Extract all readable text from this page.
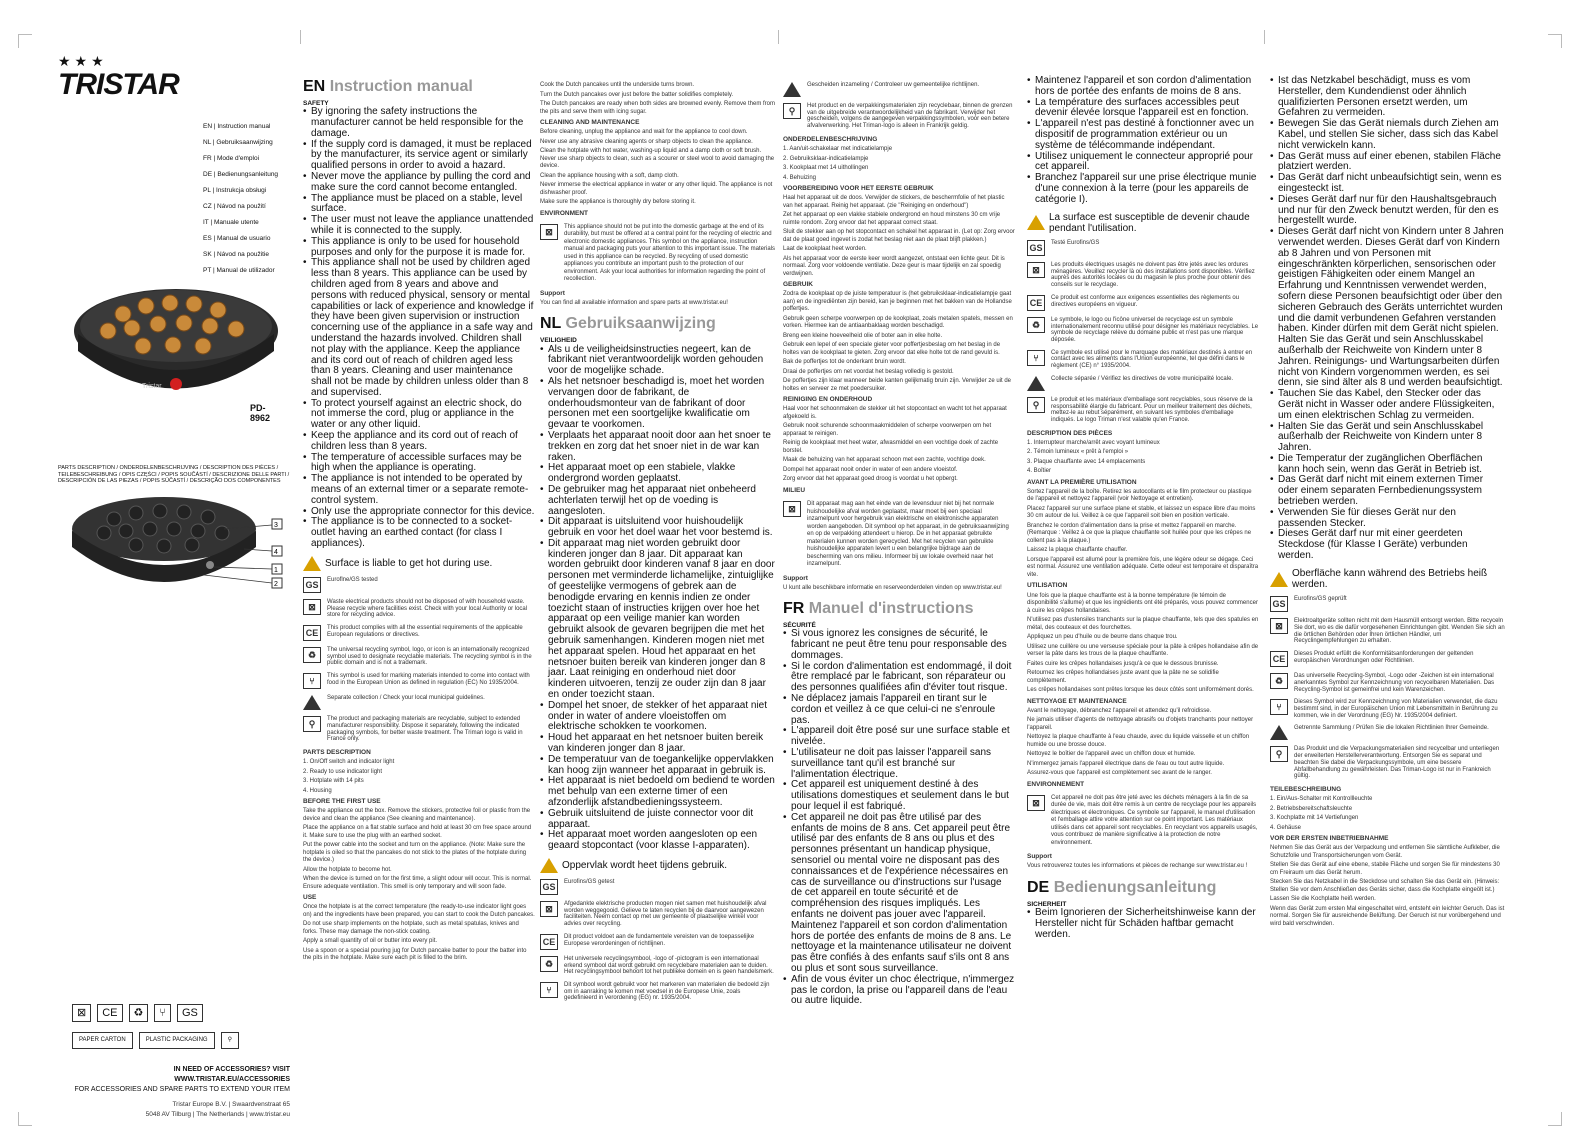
★★★
TRISTAR
EN | Instruction manual
NL | Gebruiksaanwijzing
FR | Mode d'emploi
DE | Bedienungsanleitung
PL | Instrukcja obsługi
CZ | Návod na použití
IT | Manuale utente
ES | Manual de usuario
SK | Návod na použitie
PT | Manual de utilizador
Tristar
PD-8962
PARTS DESCRIPTION / ONDERDELENBESCHRIJVING / DESCRIPTION DES PIÈCES / TEILEBESCHREIBUNG / OPIS CZĘŚCI / POPIS SOUČÁSTÍ / DESCRIZIONE DELLE PARTI / DESCRIPCIÓN DE LAS PIEZAS / POPIS SÚČASTÍ / DESCRIÇÃO DOS COMPONENTES
3
4
1
2
⊠	CE	♻	⑂	GS
PAPER CARTON	PLASTIC PACKAGING	⚲
IN NEED OF ACCESSORIES? VISIT
WWW.TRISTAR.EU/ACCESSORIES
FOR ACCESSORIES AND SPARE PARTS TO EXTEND YOUR ITEM
Tristar Europe B.V. | Swaardvenstraat 65
5048 AV Tilburg | The Netherlands | www.tristar.eu
EN Instruction manual
SAFETY
• By ignoring the safety instructions the manufacturer cannot be held responsible for the damage.
• If the supply cord is damaged, it must be replaced by the manufacturer, its service agent or similarly qualified persons in order to avoid a hazard.
• Never move the appliance by pulling the cord and make sure the cord cannot become entangled.
• The appliance must be placed on a stable, level surface.
• The user must not leave the appliance unattended while it is connected to the supply.
• This appliance is only to be used for household purposes and only for the purpose it is made for.
• This appliance shall not be used by children aged less than 8 years. This appliance can be used by children aged from 8 years and above and persons with reduced physical, sensory or mental capabilities or lack of experience and knowledge if they have been given supervision or instruction concerning use of the appliance in a safe way and understand the hazards involved. Children shall not play with the appliance. Keep the appliance and its cord out of reach of children aged less than 8 years. Cleaning and user maintenance shall not be made by children unless older than 8 and supervised.
• To protect yourself against an electric shock, do not immerse the cord, plug or appliance in the water or any other liquid.
• Keep the appliance and its cord out of reach of children less than 8 years.
• The temperature of accessible surfaces may be high when the appliance is operating.
• The appliance is not intended to be operated by means of an external timer or a separate remote-control system.
• Only use the appropriate connector for this device.
• The appliance is to be connected to a socket-outlet having an earthed contact (for class I appliances).
Surface is liable to get hot during use.
GS	Euroflne/GS tested
⊠	Waste electrical products should not be disposed of with household waste. Please recycle where facilities exist. Check with your local Authority or local store for recycling advice.
CE	This product complies with all the essential requirements of the applicable European regulations or directives.
♻	The universal recycling symbol, logo, or icon is an internationally recognized symbol used to designate recyclable materials. The recycling symbol is in the public domain and is not a trademark.
⑂	This symbol is used for marking materials intended to come into contact with food in the European Union as defined in regulation (EC) No 1935/2004.
Separate collection / Check your local municipal guidelines.
⚲	The product and packaging materials are recyclable, subject to extended manufacturer responsibility. Dispose it separately, following the indicated packaging symbols, for better waste treatment. The Triman logo is valid in France only.
PARTS DESCRIPTION

1. On/Off switch and indicator light

2. Ready to use indicator light

3. Hotplate with 14 pits

4. Housing

BEFORE THE FIRST USE

Take the appliance out the box. Remove the stickers, protective foil or plastic from the device and clean the appliance (See cleaning and maintenance).

Place the appliance on a flat stable surface and hold at least 30 cm free space around it. Make sure to use the plug with an earthed socket.

Put the power cable into the socket and turn on the appliance. (Note: Make sure the hotplate is oiled so that the pancakes do not stick to the plates of the hotplate during the device.)

Allow the hotplate to become hot.

When the device is turned on for the first time, a slight odour will occur. This is normal. Ensure adequate ventilation. This smell is only temporary and will soon fade.

USE

Once the hotplate is at the correct temperature (the ready-to-use indicator light goes on) and the ingredients have been prepared, you can start to cook the Dutch pancakes.

Do not use sharp implements on the hotplate, such as metal spatulas, knives and forks. These may damage the non-stick coating.

Apply a small quantity of oil or butter into every pit.

Use a spoon or a special pouring jug for Dutch pancake batter to pour the batter into the pits in the hotplate. Make sure each pit is filled to the brim.

Cook the Dutch pancakes until the underside turns brown.

Turn the Dutch pancakes over just before the batter solidifies completely.

The Dutch pancakes are ready when both sides are browned evenly. Remove them from the pits and serve them with icing sugar.

CLEANING AND MAINTENANCE

Before cleaning, unplug the appliance and wait for the appliance to cool down.

Never use any abrasive cleaning agents or sharp objects to clean the appliance.

Clean the hotplate with hot water, washing-up liquid and a damp cloth or soft brush. Never use sharp objects to clean, such as a scourer or steel wool to avoid damaging the device.

Clean the appliance housing with a soft, damp cloth.

Never immerse the electrical appliance in water or any other liquid. The appliance is not dishwasher proof.

Make sure the appliance is thoroughly dry before storing it.

ENVIRONMENT
⊠	This appliance should not be put into the domestic garbage at the end of its durability, but must be offered at a central point for the recycling of electric and electronic domestic appliances. This symbol on the appliance, instruction manual and packaging puts your attention to this important issue. The materials used in this appliance can be recycled. By recycling of used domestic appliances you contribute an important push to the protection of our environment. Ask your local authorities for information regarding the point of recollection.
Support

You can find all available information and spare parts at www.tristar.eu!

NL Gebruiksaanwijzing
VEILIGHEID
• Als u de veiligheidsinstructies negeert, kan de fabrikant niet verantwoordelijk worden gehouden voor de mogelijke schade.
• Als het netsnoer beschadigd is, moet het worden vervangen door de fabrikant, de onderhoudsmonteur van de fabrikant of door personen met een soortgelijke kwalificatie om gevaar te voorkomen.
• Verplaats het apparaat nooit door aan het snoer te trekken en zorg dat het snoer niet in de war kan raken.
• Het apparaat moet op een stabiele, vlakke ondergrond worden geplaatst.
• De gebruiker mag het apparaat niet onbeheerd achterlaten terwijl het op de voeding is aangesloten.
• Dit apparaat is uitsluitend voor huishoudelijk gebruik en voor het doel waar het voor bestemd is.
• Dit apparaat mag niet worden gebruikt door kinderen jonger dan 8 jaar. Dit apparaat kan worden gebruikt door kinderen vanaf 8 jaar en door personen met verminderde lichamelijke, zintuiglijke of geestelijke vermogens of gebrek aan de benodigde ervaring en kennis indien ze onder toezicht staan of instructies krijgen over hoe het apparaat op een veilige manier kan worden gebruikt alsook de gevaren begrijpen die met het gebruik samenhangen. Kinderen mogen niet met het apparaat spelen. Houd het apparaat en het netsnoer buiten bereik van kinderen jonger dan 8 jaar. Laat reiniging en onderhoud niet door kinderen uitvoeren, tenzij ze ouder zijn dan 8 jaar en onder toezicht staan.
• Dompel het snoer, de stekker of het apparaat niet onder in water of andere vloeistoffen om elektrische schokken te voorkomen.
• Houd het apparaat en het netsnoer buiten bereik van kinderen jonger dan 8 jaar.
• De temperatuur van de toegankelijke oppervlakken kan hoog zijn wanneer het apparaat in gebruik is.
• Het apparaat is niet bedoeld om bediend te worden met behulp van een externe timer of een afzonderlijk afstandbedieningssysteem.
• Gebruik uitsluitend de juiste connector voor dit apparaat.
• Het apparaat moet worden aangesloten op een geaard stopcontact (voor klasse I-apparaten).
Oppervlak wordt heet tijdens gebruik.
GS	Eurofins/GS getest
⊠	Afgedankte elektrische producten mogen niet samen met huishoudelijk afval worden weggegooid. Gelieve te laten recyclen bij de daarvoor aangewezen faciliteiten. Neem contact op met uw gemeente of plaatselijke winkel voor advies over recycling.
CE	Dit product voldoet aan de fundamentele vereisten van de toepasselijke Europese verordeningen of richtlijnen.
♻	Het universele recyclingsymbool, -logo of -pictogram is een internationaal erkend symbool dat wordt gebruikt om recyclebare materialen aan te duiden. Het recyclingsymbool behoort tot het publieke domein en is geen handelsmerk.
⑂	Dit symbool wordt gebruikt voor het markeren van materialen die bedoeld zijn om in aanraking te komen met voedsel in de Europese Unie, zoals gedefinieerd in verordening (EG) nr. 1935/2004.
Gescheiden inzameling / Controleer uw gemeentelijke richtlijnen.
⚲	Het product en de verpakkingsmaterialen zijn recyclebaar, binnen de grenzen van de uitgebreide verantwoordelijkheid van de fabrikant. Verwijder het gescheiden, volgens de aangegeven verpakkingssymbolen, voor een betere afvalverwerking. Het Triman-logo is alleen in Frankrijk geldig.
ONDERDELENBESCHRIJVING

1. Aan/uit-schakelaar met indicatielampje

2. Gebruiksklaar-indicatielampje

3. Kookplaat met 14 uithollingen

4. Behuizing

VOORBEREIDING VOOR HET EERSTE GEBRUIK

Haal het apparaat uit de doos. Verwijder de stickers, de beschermfolie of het plastic van het apparaat. Reinig het apparaat. (zie "Reiniging en onderhoud")

Zet het apparaat op een vlakke stabiele ondergrond en houd minstens 30 cm vrije ruimte rondom. Zorg ervoor dat het apparaat correct staat.

Sluit de stekker aan op het stopcontact en schakel het apparaat in. (Let op: Zorg ervoor dat de plaat goed ingevet is zodat het beslag niet aan de plaat blijft plakken.)

Laat de kookplaat heet worden.

Als het apparaat voor de eerste keer wordt aangezet, ontstaat een lichte geur. Dit is normaal. Zorg voor voldoende ventilatie. Deze geur is maar tijdelijk en zal spoedig verdwijnen.

GEBRUIK

Zodra de kookplaat op de juiste temperatuur is (het gebruiksklaar-indicatielampje gaat aan) en de ingrediënten zijn bereid, kan je beginnen met het bakken van de Hollandse poffertjes.

Gebruik geen scherpe voorwerpen op de kookplaat, zoals metalen spatels, messen en vorken. Hiermee kan de antiaanbaklaag worden beschadigd.

Breng een kleine hoeveelheid olie of boter aan in elke holte.

Gebruik een lepel of een speciale gieter voor poffertjesbeslag om het beslag in de holtes van de kookplaat te gieten. Zorg ervoor dat elke holte tot de rand gevuld is.

Bak de poffertjes tot de onderkant bruin wordt.

Draai de poffertjes om net voordat het beslag volledig is gestold.

De poffertjes zijn klaar wanneer beide kanten gelijkmatig bruin zijn. Verwijder ze uit de holtes en serveer ze met poedersuiker.

REINIGING EN ONDERHOUD

Haal voor het schoonmaken de stekker uit het stopcontact en wacht tot het apparaat afgekoeld is.

Gebruik nooit schurende schoonmaakmiddelen of scherpe voorwerpen om het apparaat te reinigen.

Reinig de kookplaat met heet water, afwasmiddel en een vochtige doek of zachte borstel.

Maak de behuizing van het apparaat schoon met een zachte, vochtige doek.

Dompel het apparaat nooit onder in water of een andere vloeistof.

Zorg ervoor dat het apparaat goed droog is voordat u het opbergt.

MILIEU
⊠	Dit apparaat mag aan het einde van de levensduur niet bij het normale huishoudelijke afval worden geplaatst, maar moet bij een speciaal inzamelpunt voor hergebruik van elektrische en elektronische apparaten worden aangeboden. Dit symbool op het apparaat, in de gebruiksaanwijzing en op de verpakking attendeert u hierop. De in het apparaat gebruikte materialen kunnen worden gerecycled. Met het recyclen van gebruikte huishoudelijke apparaten levert u een belangrijke bijdrage aan de bescherming van ons milieu. Informeer bij uw lokale overheid naar het inzamelpunt.
Support

U kunt alle beschikbare informatie en reserveonderdelen vinden op www.tristar.eu!

FR Manuel d'instructions
SÉCURITÉ
• Si vous ignorez les consignes de sécurité, le fabricant ne peut être tenu pour responsable des dommages.
• Si le cordon d'alimentation est endommagé, il doit être remplacé par le fabricant, son réparateur ou des personnes qualifiées afin d'éviter tout risque.
• Ne déplacez jamais l'appareil en tirant sur le cordon et veillez à ce que celui-ci ne s'enroule pas.
• L'appareil doit être posé sur une surface stable et nivelée.
• L'utilisateur ne doit pas laisser l'appareil sans surveillance tant qu'il est branché sur l'alimentation électrique.
• Cet appareil est uniquement destiné à des utilisations domestiques et seulement dans le but pour lequel il est fabriqué.
• Cet appareil ne doit pas être utilisé par des enfants de moins de 8 ans. Cet appareil peut être utilisé par des enfants de 8 ans ou plus et des personnes présentant un handicap physique, sensoriel ou mental voire ne disposant pas des connaissances et de l'expérience nécessaires en cas de surveillance ou d'instructions sur l'usage de cet appareil en toute sécurité et de compréhension des risques impliqués. Les enfants ne doivent pas jouer avec l'appareil. Maintenez l'appareil et son cordon d'alimentation hors de portée des enfants de moins de 8 ans. Le nettoyage et la maintenance utilisateur ne doivent pas être confiés à des enfants sauf s'ils ont 8 ans ou plus et sont sous surveillance.
• Afin de vous éviter un choc électrique, n'immergez pas le cordon, la prise ou l'appareil dans de l'eau ou autre liquide.
• Maintenez l'appareil et son cordon d'alimentation hors de portée des enfants de moins de 8 ans.
• La température des surfaces accessibles peut devenir élevée lorsque l'appareil est en fonction.
• L'appareil n'est pas destiné à fonctionner avec un dispositif de programmation extérieur ou un système de télécommande indépendant.
• Utilisez uniquement le connecteur approprié pour cet appareil.
• Branchez l'appareil sur une prise électrique munie d'une connexion à la terre (pour les appareils de catégorie I).
La surface est susceptible de devenir chaude pendant l'utilisation.
GS	Testé Eurofins/GS
⊠	Les produits électriques usagés ne doivent pas être jetés avec les ordures ménagères. Veuillez recycler là où des installations sont disponibles. Vérifiez auprès des autorités locales ou du magasin le plus proche pour obtenir des conseils sur le recyclage.
CE	Ce produit est conforme aux exigences essentielles des règlements ou directives européens en vigueur.
♻	Le symbole, le logo ou l'icône universel de recyclage est un symbole internationalement reconnu utilisé pour désigner les matériaux recyclables. Le symbole de recyclage relève du domaine public et n'est pas une marque déposée.
⑂	Ce symbole est utilisé pour le marquage des matériaux destinés à entrer en contact avec les aliments dans l'Union européenne, tel que défini dans le règlement (CE) n° 1935/2004.
Collecte séparée / Vérifiez les directives de votre municipalité locale.
⚲	Le produit et les matériaux d'emballage sont recyclables, sous réserve de la responsabilité élargie du fabricant. Pour un meilleur traitement des déchets, mettez-le au rebut séparément, en suivant les symboles d'emballage indiqués. Le logo Triman n'est valable qu'en France.
DESCRIPTION DES PIÈCES

1. Interrupteur marche/arrêt avec voyant lumineux

2. Témoin lumineux « prêt à l'emploi »

3. Plaque chauffante avec 14 emplacements

4. Boîtier

AVANT LA PREMIÈRE UTILISATION

Sortez l'appareil de la boîte. Retirez les autocollants et le film protecteur ou plastique de l'appareil et nettoyez l'appareil (voir Nettoyage et entretien).

Placez l'appareil sur une surface plane et stable, et laissez un espace libre d'au moins 30 cm autour de lui. Veillez à ce que l'appareil soit bien en position verticale.

Branchez le cordon d'alimentation dans la prise et mettez l'appareil en marche. (Remarque : Veillez à ce que la plaque chauffante soit huilée pour que les crêpes ne collent pas à la plaque.)

Laissez la plaque chauffante chauffer.

Lorsque l'appareil est allumé pour la première fois, une légère odeur se dégage. Ceci est normal. Assurez une ventilation adéquate. Cette odeur est temporaire et disparaîtra vite.

UTILISATION

Une fois que la plaque chauffante est à la bonne température (le témoin de disponibilité s'allume) et que les ingrédients ont été préparés, vous pouvez commencer à cuire les crêpes hollandaises.

N'utilisez pas d'ustensiles tranchants sur la plaque chauffante, tels que des spatules en métal, des couteaux et des fourchettes.

Appliquez un peu d'huile ou de beurre dans chaque trou.

Utilisez une cuillère ou une verseuse spéciale pour la pâte à crêpes hollandaise afin de verser la pâte dans les trous de la plaque chauffante.

Faites cuire les crêpes hollandaises jusqu'à ce que le dessous brunisse.

Retournez les crêpes hollandaises juste avant que la pâte ne se solidifie complètement.

Les crêpes hollandaises sont prêtes lorsque les deux côtés sont uniformément dorés.

NETTOYAGE ET MAINTENANCE

Avant le nettoyage, débranchez l'appareil et attendez qu'il refroidisse.

Ne jamais utiliser d'agents de nettoyage abrasifs ou d'objets tranchants pour nettoyer l'appareil.

Nettoyez la plaque chauffante à l'eau chaude, avec du liquide vaisselle et un chiffon humide ou une brosse douce.

Nettoyez le boîtier de l'appareil avec un chiffon doux et humide.

N'immergez jamais l'appareil électrique dans de l'eau ou tout autre liquide.

Assurez-vous que l'appareil est complètement sec avant de le ranger.

ENVIRONNEMENT
⊠	Cet appareil ne doit pas être jeté avec les déchets ménagers à la fin de sa durée de vie, mais doit être remis à un centre de recyclage pour les appareils électriques et électroniques. Ce symbole sur l'appareil, le manuel d'utilisation et l'emballage attire votre attention sur ce point important. Les matériaux utilisés dans cet appareil sont recyclables. En recyclant vos appareils usagés, vous contribuez de manière significative à la protection de notre environnement.
Support

Vous retrouverez toutes les informations et pièces de rechange sur www.tristar.eu !

DE Bedienungsanleitung
SICHERHEIT
• Beim Ignorieren der Sicherheitshinweise kann der Hersteller nicht für Schäden haftbar gemacht werden.
• Ist das Netzkabel beschädigt, muss es vom Hersteller, dem Kundendienst oder ähnlich qualifizierten Personen ersetzt werden, um Gefahren zu vermeiden.
• Bewegen Sie das Gerät niemals durch Ziehen am Kabel, und stellen Sie sicher, dass sich das Kabel nicht verwickeln kann.
• Das Gerät muss auf einer ebenen, stabilen Fläche platziert werden.
• Das Gerät darf nicht unbeaufsichtigt sein, wenn es eingesteckt ist.
• Dieses Gerät darf nur für den Haushaltsgebrauch und nur für den Zweck benutzt werden, für den es hergestellt wurde.
• Dieses Gerät darf nicht von Kindern unter 8 Jahren verwendet werden. Dieses Gerät darf von Kindern ab 8 Jahren und von Personen mit eingeschränkten körperlichen, sensorischen oder geistigen Fähigkeiten oder einem Mangel an Erfahrung und Kenntnissen verwendet werden, sofern diese Personen beaufsichtigt oder über den sicheren Gebrauch des Geräts unterrichtet wurden und die damit verbundenen Gefahren verstanden haben. Kinder dürfen mit dem Gerät nicht spielen. Halten Sie das Gerät und sein Anschlusskabel außerhalb der Reichweite von Kindern unter 8 Jahren. Reinigungs- und Wartungsarbeiten dürfen nicht von Kindern vorgenommen werden, es sei denn, sie sind älter als 8 und werden beaufsichtigt.
• Tauchen Sie das Kabel, den Stecker oder das Gerät nicht in Wasser oder andere Flüssigkeiten, um einen elektrischen Schlag zu vermeiden.
• Halten Sie das Gerät und sein Anschlusskabel außerhalb der Reichweite von Kindern unter 8 Jahren.
• Die Temperatur der zugänglichen Oberflächen kann hoch sein, wenn das Gerät in Betrieb ist.
• Das Gerät darf nicht mit einem externen Timer oder einem separaten Fernbedienungssystem betrieben werden.
• Verwenden Sie für dieses Gerät nur den passenden Stecker.
• Dieses Gerät darf nur mit einer geerdeten Steckdose (für Klasse I Geräte) verbunden werden.
Oberfläche kann während des Betriebs heiß werden.
GS	Eurofins/GS geprüft
⊠	Elektroaltgeräte sollten nicht mit dem Hausmüll entsorgt werden. Bitte recyceln Sie dort, wo es die dafür vorgesehenen Einrichtungen gibt. Wenden Sie sich an die örtlichen Behörden oder Ihren örtlichen Händler, um Recyclingempfehlungen zu erhalten.
CE	Dieses Produkt erfüllt die Konformitätsanforderungen der geltenden europäischen Verordnungen oder Richtlinien.
♻	Das universelle Recycling-Symbol, -Logo oder -Zeichen ist ein international anerkanntes Symbol zur Kennzeichnung von recycelbaren Materialien. Das Recycling-Symbol ist gemeinfrei und kein Warenzeichen.
⑂	Dieses Symbol wird zur Kennzeichnung von Materialien verwendet, die dazu bestimmt sind, in der Europäischen Union mit Lebensmitteln in Berührung zu kommen, wie in der Verordnung (EG) Nr. 1935/2004 definiert.
Getrennte Sammlung / Prüfen Sie die lokalen Richtlinien Ihrer Gemeinde.
⚲	Das Produkt und die Verpackungsmaterialien sind recycelbar und unterliegen der erweiterten Herstellerverantwortung. Entsorgen Sie es separat und beachten Sie dabei die Verpackungssymbole, um eine bessere Abfallbehandlung zu gewährleisten. Das Triman-Logo ist nur in Frankreich gültig.
TEILEBESCHREIBUNG

1. Ein/Aus-Schalter mit Kontrollleuchte

2. Betriebsbereitschaftsleuchte

3. Kochplatte mit 14 Vertiefungen

4. Gehäuse

VOR DER ERSTEN INBETRIEBNAHME

Nehmen Sie das Gerät aus der Verpackung und entfernen Sie sämtliche Aufkleber, die Schutzfolie und Transportsicherungen vom Gerät.

Stellen Sie das Gerät auf eine ebene, stabile Fläche und sorgen Sie für mindestens 30 cm Freiraum um das Gerät herum.

Stecken Sie das Netzkabel in die Steckdose und schalten Sie das Gerät ein. (Hinweis: Stellen Sie vor dem Anschließen des Geräts sicher, dass die Kochplatte eingeölt ist.)

Lassen Sie die Kochplatte heiß werden.

Wenn das Gerät zum ersten Mal eingeschaltet wird, entsteht ein leichter Geruch. Das ist normal. Sorgen Sie für ausreichende Belüftung. Der Geruch ist nur vorübergehend und wird bald verschwinden.
